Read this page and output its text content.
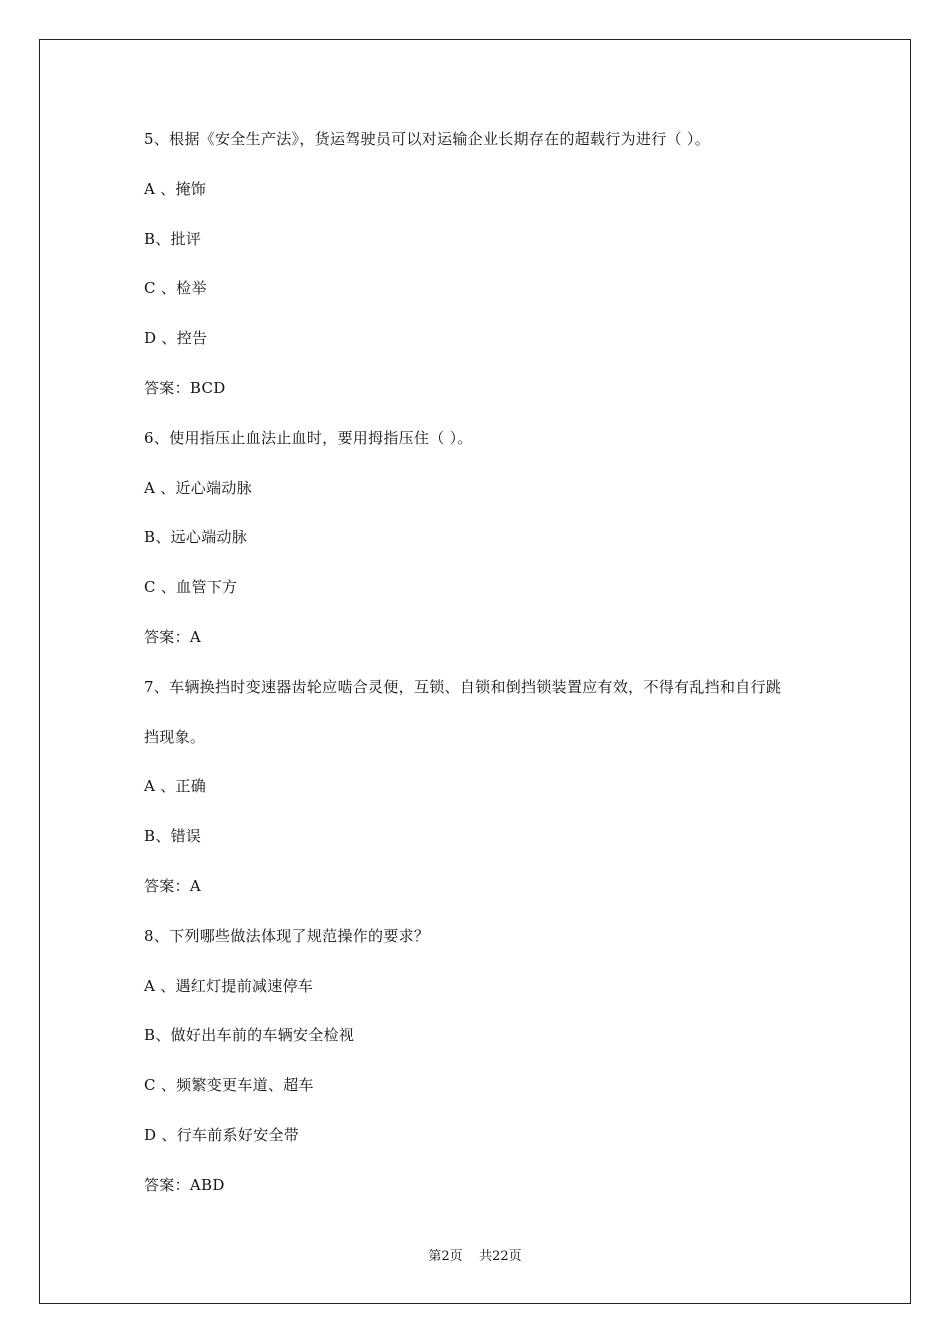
5、根据《安全生产法》，货运驾驶员可以对运输企业长期存在的超载行为进行（ ）。
A 、掩饰
B、批评
C 、检举
D 、控告
答案：BCD
6、使用指压止血法止血时，要用拇指压住（ ）。
A 、近心端动脉
B、远心端动脉
C 、血管下方
答案：A
7、车辆换挡时变速器齿轮应啮合灵便，互锁、自锁和倒挡锁装置应有效，不得有乱挡和自行跳
挡现象。
A 、正确
B、错误
答案：A
8、下列哪些做法体现了规范操作的要求？
A 、遇红灯提前减速停车
B、做好出车前的车辆安全检视
C 、频繁变更车道、超车
D 、行车前系好安全带
答案：ABD
第2页    共22页
